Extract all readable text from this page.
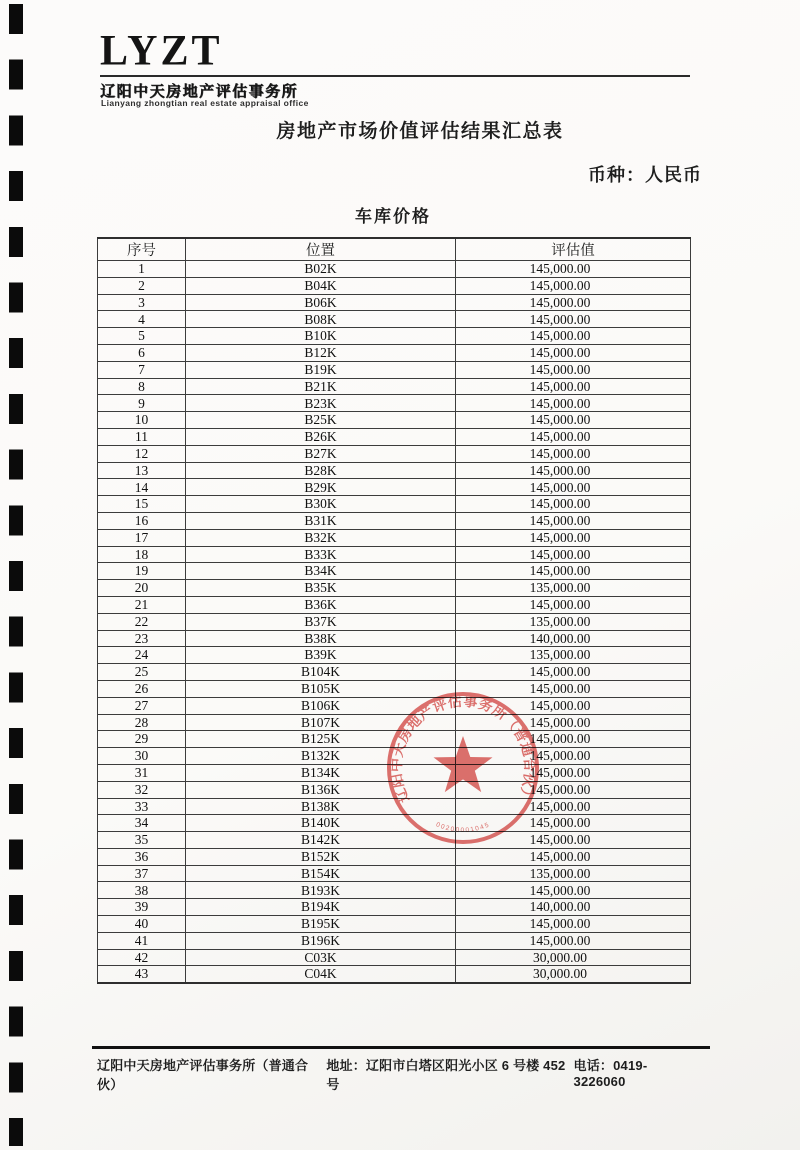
LYZT
辽阳中天房地产评估事务所
Lianyang zhongtian real estate appraisal office
房地产市场价值评估结果汇总表
币种：人民币
车库价格
序号	位置	评估值
1	B02K	145,000.00
2	B04K	145,000.00
3	B06K	145,000.00
4	B08K	145,000.00
5	B10K	145,000.00
6	B12K	145,000.00
7	B19K	145,000.00
8	B21K	145,000.00
9	B23K	145,000.00
10	B25K	145,000.00
11	B26K	145,000.00
12	B27K	145,000.00
13	B28K	145,000.00
14	B29K	145,000.00
15	B30K	145,000.00
16	B31K	145,000.00
17	B32K	145,000.00
18	B33K	145,000.00
19	B34K	145,000.00
20	B35K	135,000.00
21	B36K	145,000.00
22	B37K	135,000.00
23	B38K	140,000.00
24	B39K	135,000.00
25	B104K	145,000.00
26	B105K	145,000.00
27	B106K	145,000.00
28	B107K	145,000.00
29	B125K	145,000.00
30	B132K	145,000.00
31	B134K	145,000.00
32	B136K	145,000.00
33	B138K	145,000.00
34	B140K	145,000.00
35	B142K	145,000.00
36	B152K	145,000.00
37	B154K	135,000.00
38	B193K	145,000.00
39	B194K	140,000.00
40	B195K	145,000.00
41	B196K	145,000.00
42	C03K	30,000.00
43	C04K	30,000.00
辽阳中天房地产评估事务所（普通合伙）
00200001045
辽阳中天房地产评估事务所（普通合伙）
地址：辽阳市白塔区阳光小区 6 号楼 452 号
电话：0419-3226060
